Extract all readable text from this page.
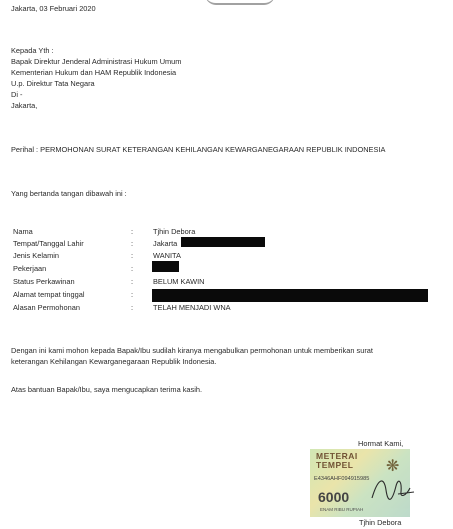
Jakarta, 03 Februari 2020
Kepada Yth :
Bapak Direktur Jenderal Administrasi Hukum Umum
Kementerian Hukum dan HAM Republik Indonesia
U.p. Direktur Tata Negara
Di -
Jakarta,
Perihal : PERMOHONAN SURAT KETERANGAN KEHILANGAN KEWARGANEGARAAN REPUBLIK INDONESIA
Yang bertanda tangan dibawah ini :
Nama	:	Tjhin Debora
Tempat/Tanggal Lahir	:	Jakarta
Jenis Kelamin	:	WANITA
Pekerjaan	:
Status Perkawinan	:	BELUM KAWIN
Alamat tempat tinggal	:
Alasan Permohonan	:	TELAH MENJADI WNA
Dengan ini kami mohon kepada Bapak/Ibu sudilah kiranya mengabulkan permohonan untuk memberikan surat
keterangan Kehilangan Kewarganegaraan Republik Indonesia.
Atas bantuan Bapak/Ibu, saya mengucapkan terima kasih.
Hormat Kami,
METERAI
TEMPEL ❋
E4346AHF094915985
6000
ENAM RIBU RUPIAH
Tjhin Debora
